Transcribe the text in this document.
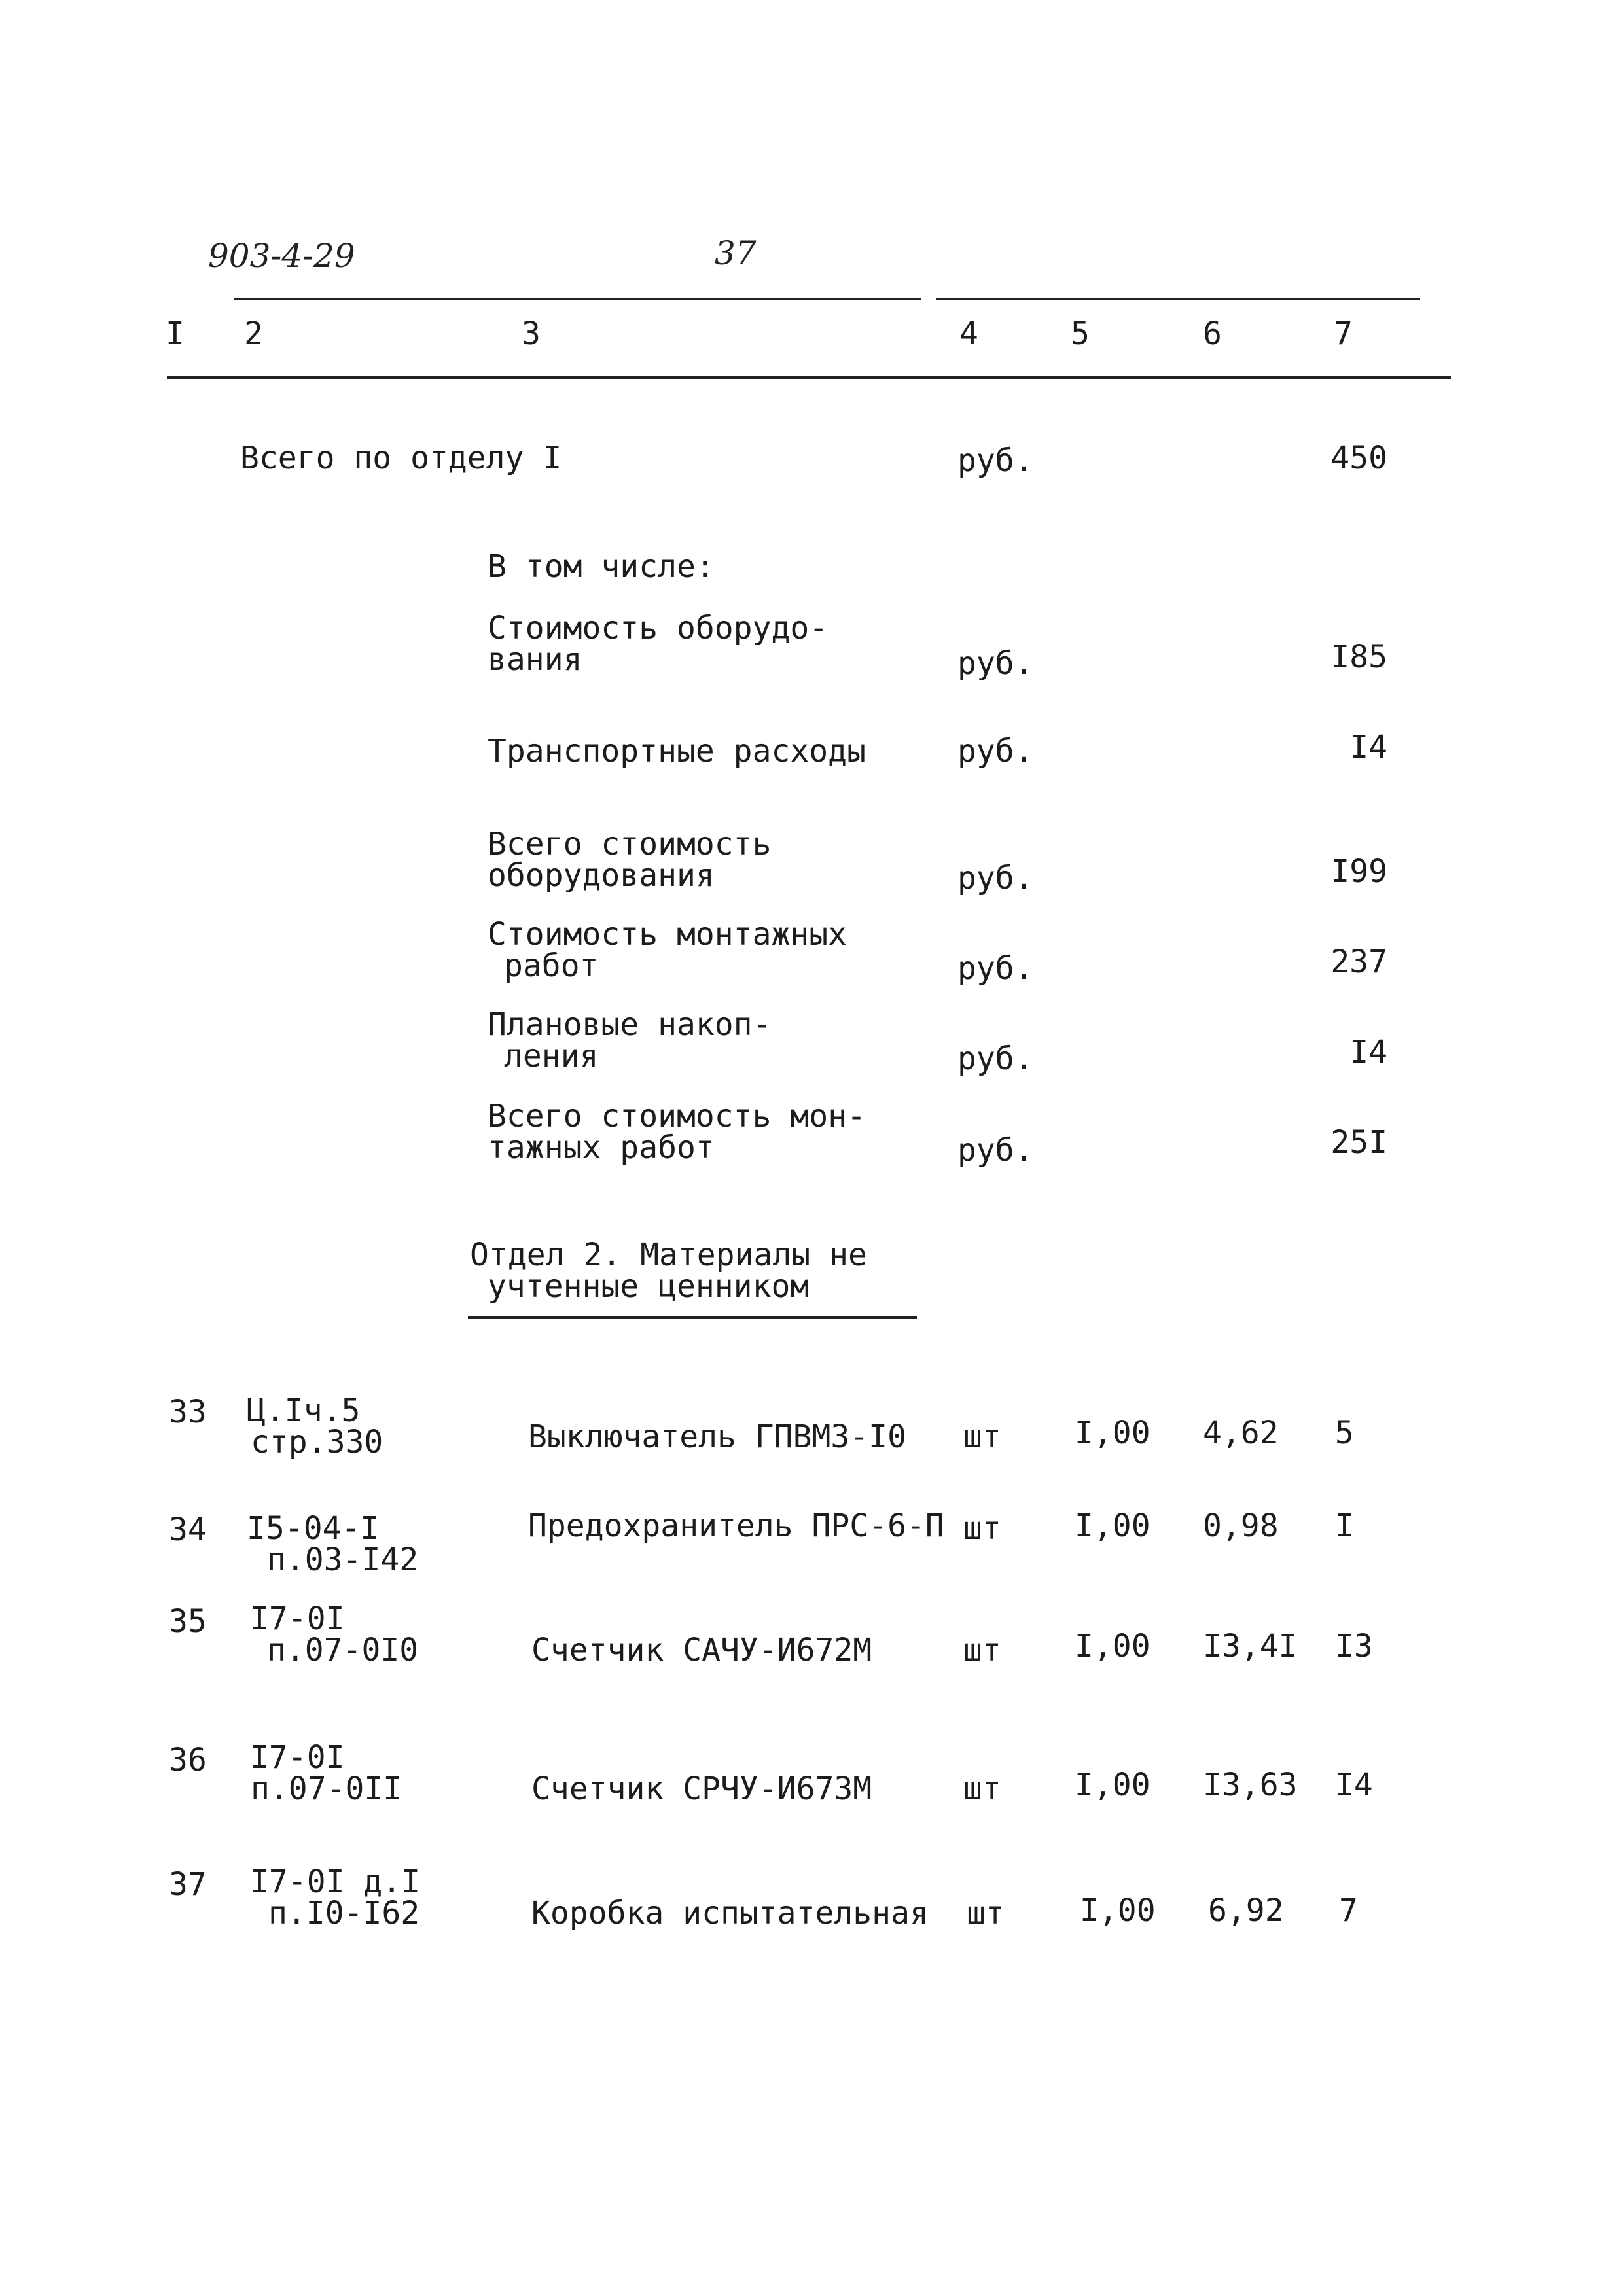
903-4-29	37
I 2	3	4	5	6	7
Всего по отделу I	руб.	450
В том числе:
Стоимость оборудо-
вания	руб.	I85
Транспортные расходы	руб.	I4
Всего стоимость
оборудования	руб.	I99
Стоимость монтажных
работ	руб.	237
Плановые накоп-
ления	руб.	I4
Всего стоимость мон-
тажных работ	руб.	25I
Отдел 2. Материалы не
учтенные ценником
33 Ц.Iч.5
стр.330	Выключатель ГПВМ3-I0 шт I,00 4,62 5
34 I5-04-I
п.03-I42
Предохранитель ПРС-6-П шт I,00 0,98 I
35 I7-0I
п.07-0I0	Счетчик САЧУ-И672М	шт I,00 I3,4I I3
36 I7-0I
п.07-0II	Счетчик СРЧУ-И673М	шт I,00 I3,63 I4
37 I7-0I д.I
п.I0-I62	Коробка испытательная шт I,00 6,92 7
